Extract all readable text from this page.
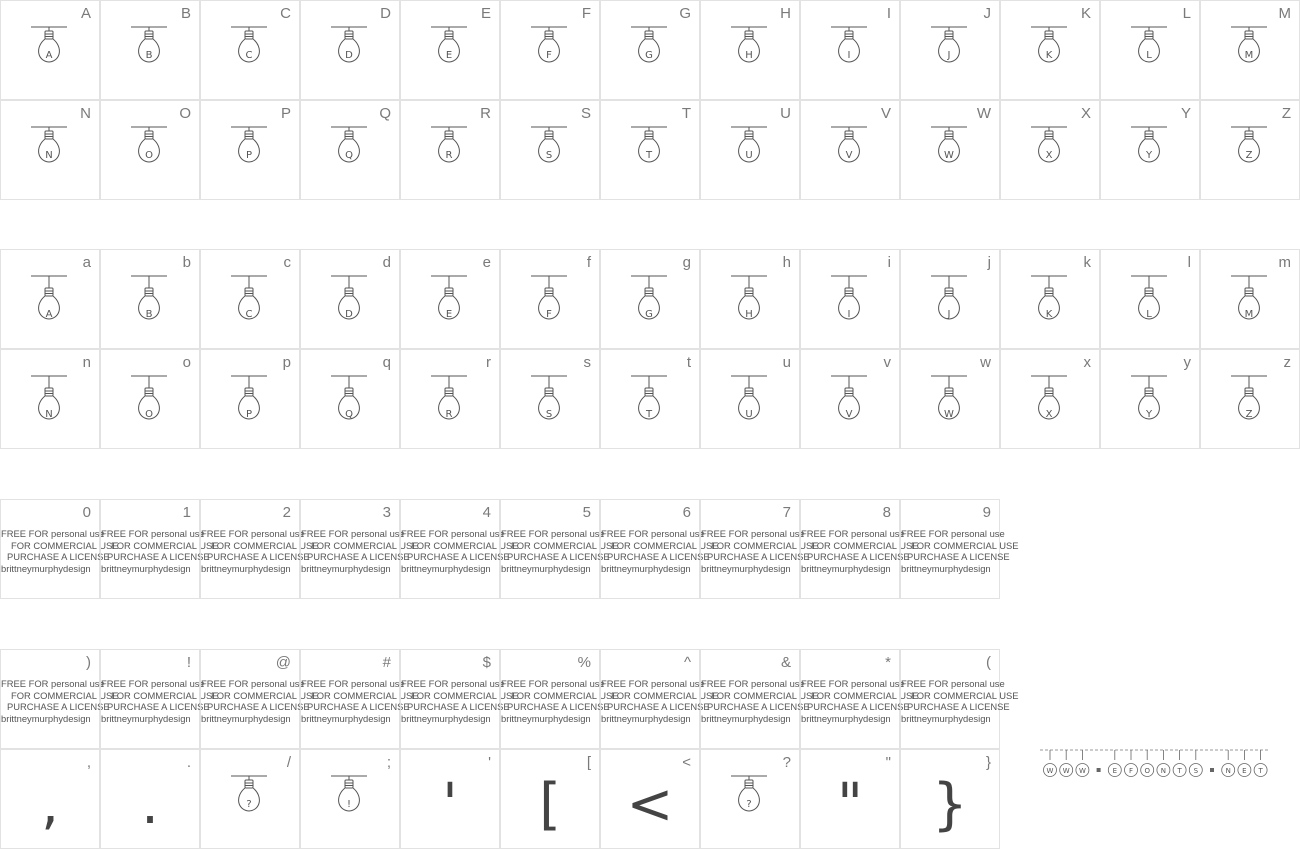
A
A
B
B
C
C
D
D
E
E
F
F
G
G
H
H
I
I
J
J
K
K
L
L
M
M
N
N
O
O
P
P
Q
Q
R
R
S
S
T
T
U
U
V
V
W
W
X
X
Y
Y
Z
Z
a
A
b
B
c
C
d
D
e
E
f
F
g
G
h
H
i
I
j
J
k
K
l
L
m
M
n
N
o
O
p
P
q
Q
r
R
s
S
t
T
u
U
v
V
w
W
x
X
y
Y
z
Z
0
FREE FOR personal use
FOR COMMERCIAL USE
PURCHASE A LICENSE
brittneymurphydesign
1
FREE FOR personal use
FOR COMMERCIAL USE
PURCHASE A LICENSE
brittneymurphydesign
2
FREE FOR personal use
FOR COMMERCIAL USE
PURCHASE A LICENSE
brittneymurphydesign
3
FREE FOR personal use
FOR COMMERCIAL USE
PURCHASE A LICENSE
brittneymurphydesign
4
FREE FOR personal use
FOR COMMERCIAL USE
PURCHASE A LICENSE
brittneymurphydesign
5
FREE FOR personal use
FOR COMMERCIAL USE
PURCHASE A LICENSE
brittneymurphydesign
6
FREE FOR personal use
FOR COMMERCIAL USE
PURCHASE A LICENSE
brittneymurphydesign
7
FREE FOR personal use
FOR COMMERCIAL USE
PURCHASE A LICENSE
brittneymurphydesign
8
FREE FOR personal use
FOR COMMERCIAL USE
PURCHASE A LICENSE
brittneymurphydesign
9
FREE FOR personal use
FOR COMMERCIAL USE
PURCHASE A LICENSE
brittneymurphydesign
)
FREE FOR personal use
FOR COMMERCIAL USE
PURCHASE A LICENSE
brittneymurphydesign
!
FREE FOR personal use
FOR COMMERCIAL USE
PURCHASE A LICENSE
brittneymurphydesign
@
FREE FOR personal use
FOR COMMERCIAL USE
PURCHASE A LICENSE
brittneymurphydesign
#
FREE FOR personal use
FOR COMMERCIAL USE
PURCHASE A LICENSE
brittneymurphydesign
$
FREE FOR personal use
FOR COMMERCIAL USE
PURCHASE A LICENSE
brittneymurphydesign
%
FREE FOR personal use
FOR COMMERCIAL USE
PURCHASE A LICENSE
brittneymurphydesign
^
FREE FOR personal use
FOR COMMERCIAL USE
PURCHASE A LICENSE
brittneymurphydesign
&
FREE FOR personal use
FOR COMMERCIAL USE
PURCHASE A LICENSE
brittneymurphydesign
*
FREE FOR personal use
FOR COMMERCIAL USE
PURCHASE A LICENSE
brittneymurphydesign
(
FREE FOR personal use
FOR COMMERCIAL USE
PURCHASE A LICENSE
brittneymurphydesign
,
,
.
.
/
?
;
!
'
'
[
[
<
<
?
?
"
"
}
}
W W W	E F O N T S	N E T
